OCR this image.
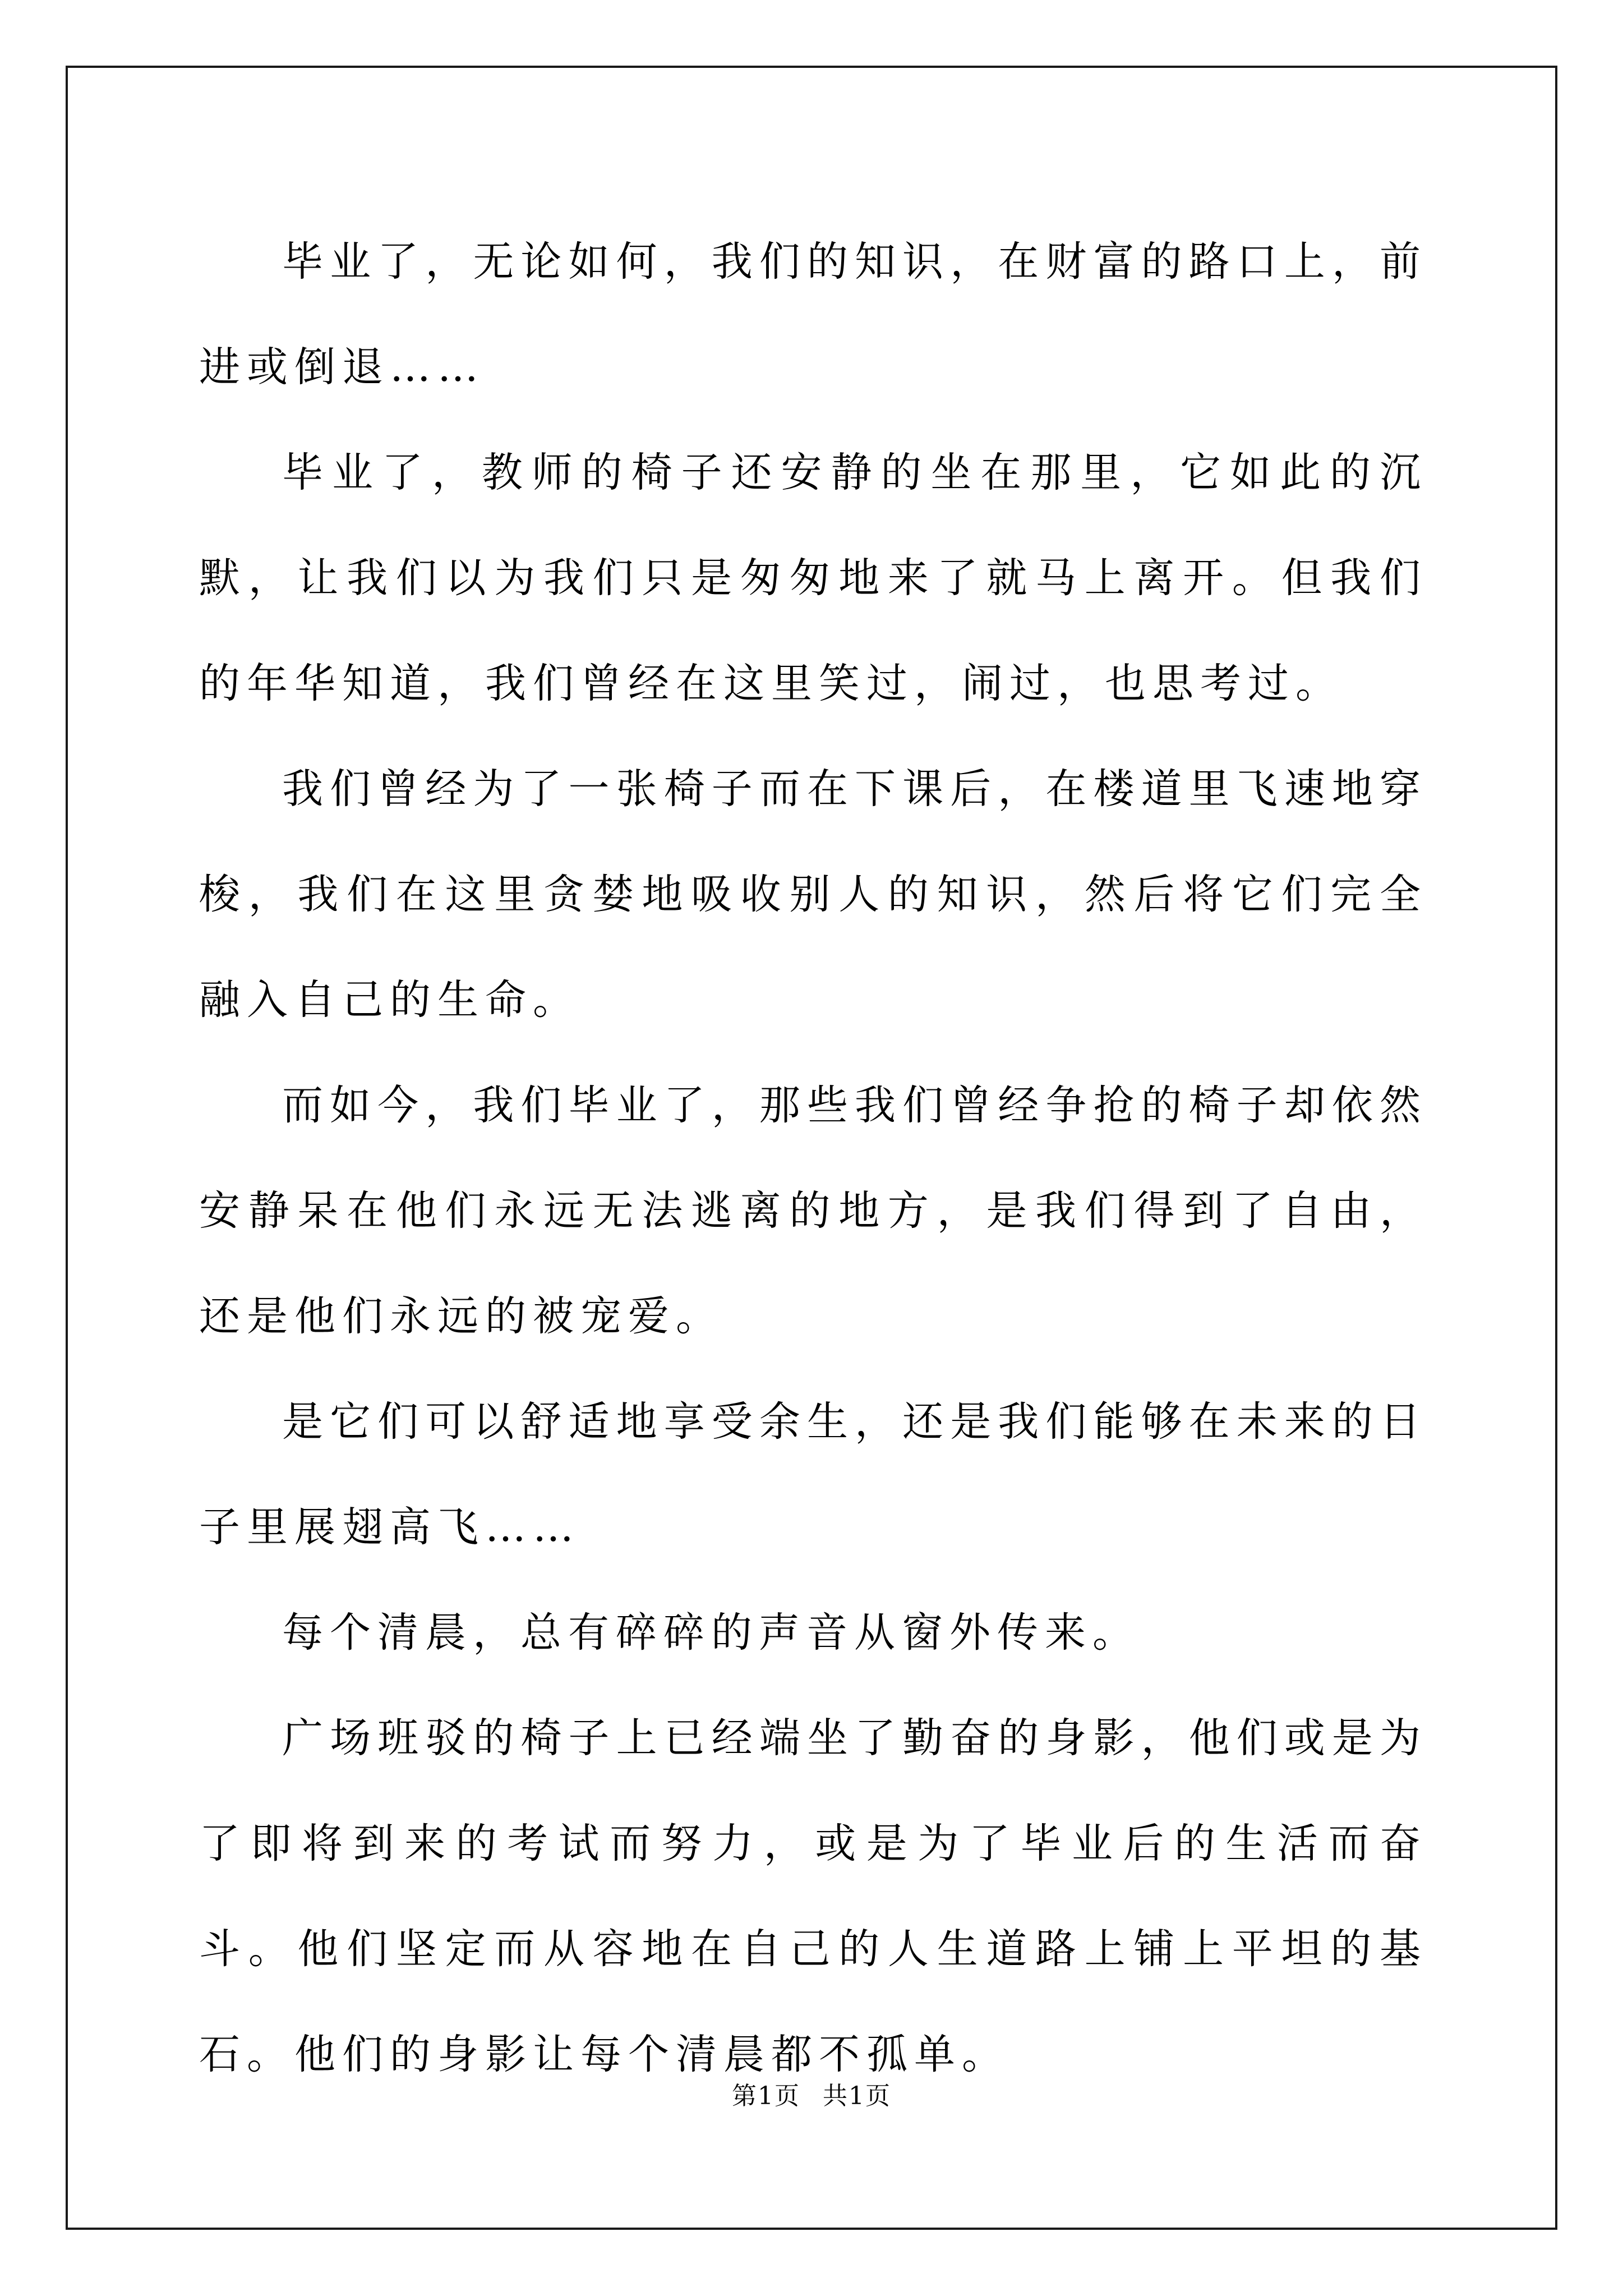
毕业了，无论如何，我们的知识，在财富的路口上，前进或倒退……

毕业了，教师的椅子还安静的坐在那里，它如此的沉默，让我们以为我们只是匆匆地来了就马上离开。但我们的年华知道，我们曾经在这里笑过，闹过，也思考过。

我们曾经为了一张椅子而在下课后，在楼道里飞速地穿梭，我们在这里贪婪地吸收别人的知识，然后将它们完全融入自己的生命。

而如今，我们毕业了，那些我们曾经争抢的椅子却依然安静呆在他们永远无法逃离的地方，是我们得到了自由，还是他们永远的被宠爱。

是它们可以舒适地享受余生，还是我们能够在未来的日子里展翅高飞……

每个清晨，总有碎碎的声音从窗外传来。

广场班驳的椅子上已经端坐了勤奋的身影，他们或是为了即将到来的考试而努力，或是为了毕业后的生活而奋斗。他们坚定而从容地在自己的人生道路上铺上平坦的基石。他们的身影让每个清晨都不孤单。

第1页 共1页
